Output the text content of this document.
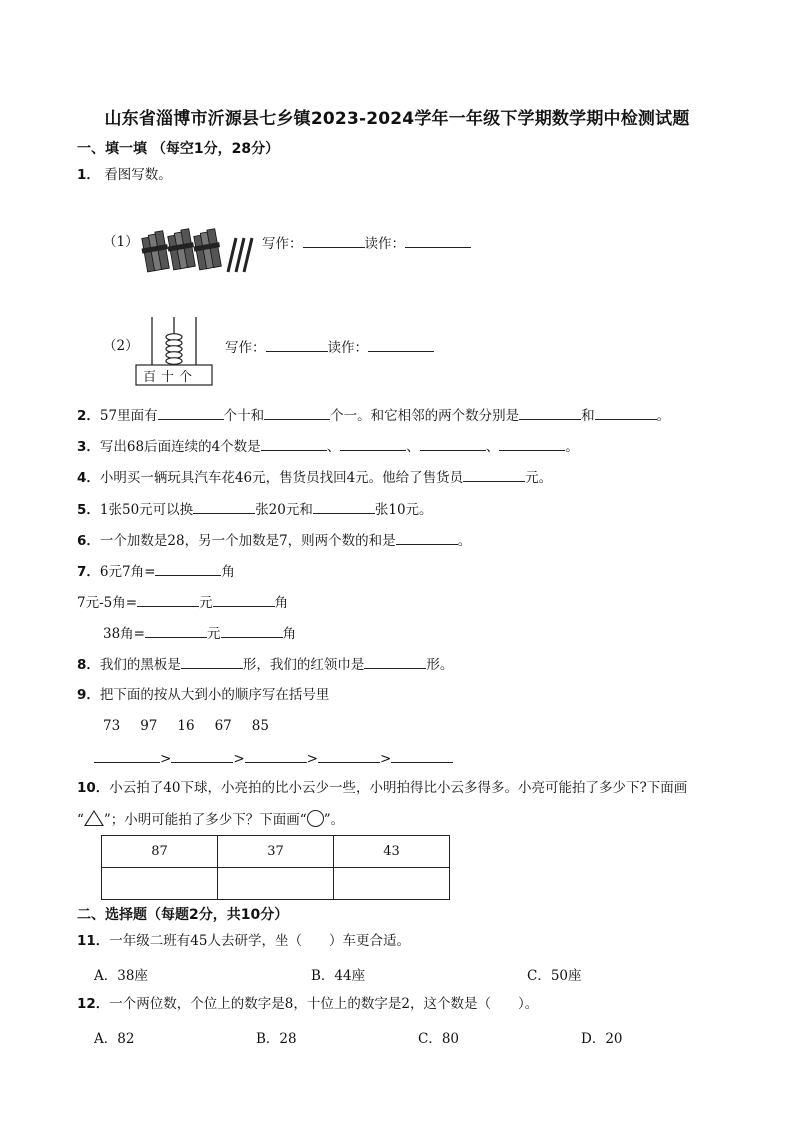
山东省淄博市沂源县七乡镇2023-2024学年一年级下学期数学期中检测试题
一、填一填 （每空1分，28分）
1． 看图写数。
（1）	写作：	读作：
（2）
百十个
写作：	读作：
2．57里面有	个十和	个一。和它相邻的两个数分别是	和	。
3．写出68后面连续的4个数是	、	、	、	。
4．小明买一辆玩具汽车花46元，售货员找回4元。他给了售货员	元。
5．1张50元可以换	张20元和	张10元。
6．一个加数是28，另一个加数是7，则两个数的和是	。
7．6元7角=	角
7元-5角=	元	角
38角=	元	角
8．我们的黑板是	形，我们的红领巾是	形。
9．把下面的按从大到小的顺序写在括号里
73 97 16 67 85
>	>	>	>
10．小云拍了40下球，小亮拍的比小云少一些，小明拍得比小云多得多。小亮可能拍了多少下?下面画
“ ”；小明可能拍了多少下？下面画“ ”。
87	37	43

二、选择题（每题2分，共10分）
11．一年级二班有45人去研学，坐（　　）车更合适。
A．38座	B．44座	C．50座
12．一个两位数，个位上的数字是8，十位上的数字是2，这个数是（　　）。
A．82	B．28	C．80	D．20
